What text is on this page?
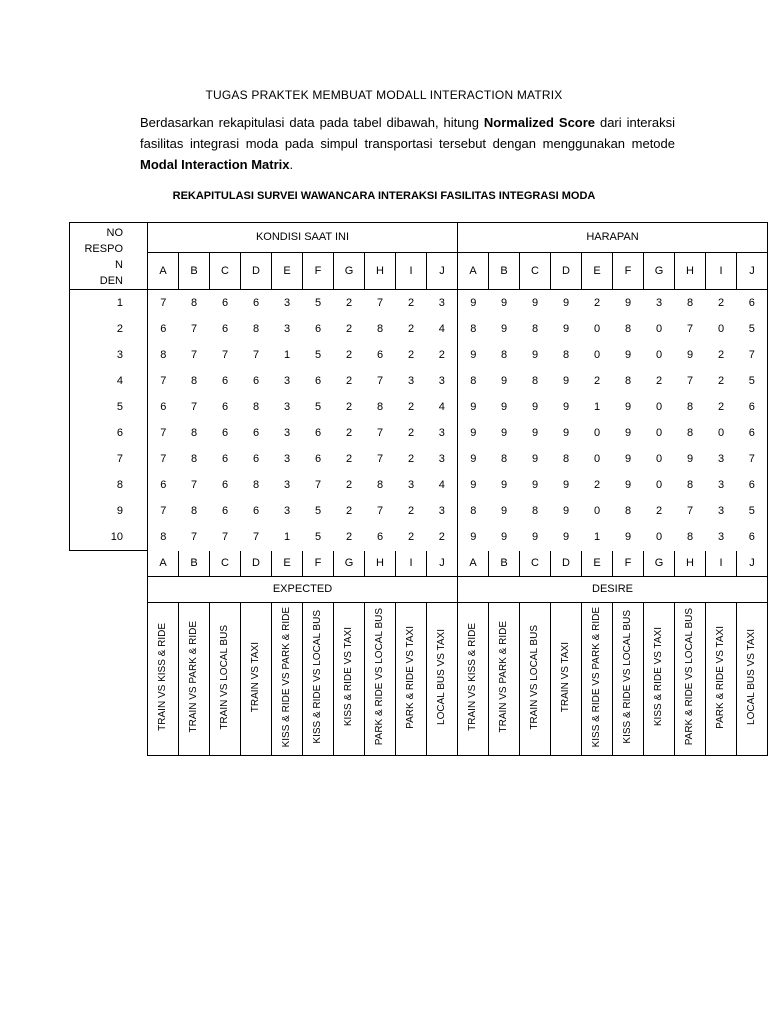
TUGAS PRAKTEK MEMBUAT MODALL INTERACTION MATRIX
Berdasarkan rekapitulasi data pada tabel dibawah, hitung Normalized Score dari interaksi fasilitas integrasi moda pada simpul transportasi tersebut dengan menggunakan metode Modal Interaction Matrix.
REKAPITULASI SURVEI WAWANCARA INTERAKSI FASILITAS INTEGRASI MODA
NO
RESPO
N
DEN	KONDISI SAAT INI										HARAPAN									
	A	B	C	D	E	F	G	H	I	J	A	B	C	D	E	F	G	H	I	J
1	7	8	6	6	3	5	2	7	2	3	9	9	9	9	2	9	3	8	2	6
2	6	7	6	8	3	6	2	8	2	4	8	9	8	9	0	8	0	7	0	5
3	8	7	7	7	1	5	2	6	2	2	9	8	9	8	0	9	0	9	2	7
4	7	8	6	6	3	6	2	7	3	3	8	9	8	9	2	8	2	7	2	5
5	6	7	6	8	3	5	2	8	2	4	9	9	9	9	1	9	0	8	2	6
6	7	8	6	6	3	6	2	7	2	3	9	9	9	9	0	9	0	8	0	6
7	7	8	6	6	3	6	2	7	2	3	9	8	9	8	0	9	0	9	3	7
8	6	7	6	8	3	7	2	8	3	4	9	9	9	9	2	9	0	8	3	6
9	7	8	6	6	3	5	2	7	2	3	8	9	8	9	0	8	2	7	3	5
10	8	7	7	7	1	5	2	6	2	2	9	9	9	9	1	9	0	8	3	6
	A	B	C	D	E	F	G	H	I	J	A	B	C	D	E	F	G	H	I	J
	EXPECTED										DESIRE									
	TRAIN VS KISS & RIDE	TRAIN VS PARK & RIDE	TRAIN VS LOCAL BUS	TRAIN VS TAXI	KISS & RIDE VS PARK & RIDE	KISS & RIDE VS LOCAL BUS	KISS & RIDE VS TAXI	PARK & RIDE VS LOCAL BUS	PARK & RIDE VS TAXI	LOCAL BUS VS TAXI	TRAIN VS KISS & RIDE	TRAIN VS PARK & RIDE	TRAIN VS LOCAL BUS	TRAIN VS TAXI	KISS & RIDE VS PARK & RIDE	KISS & RIDE VS LOCAL BUS	KISS & RIDE VS TAXI	PARK & RIDE VS LOCAL BUS	PARK & RIDE VS TAXI	LOCAL BUS VS TAXI
